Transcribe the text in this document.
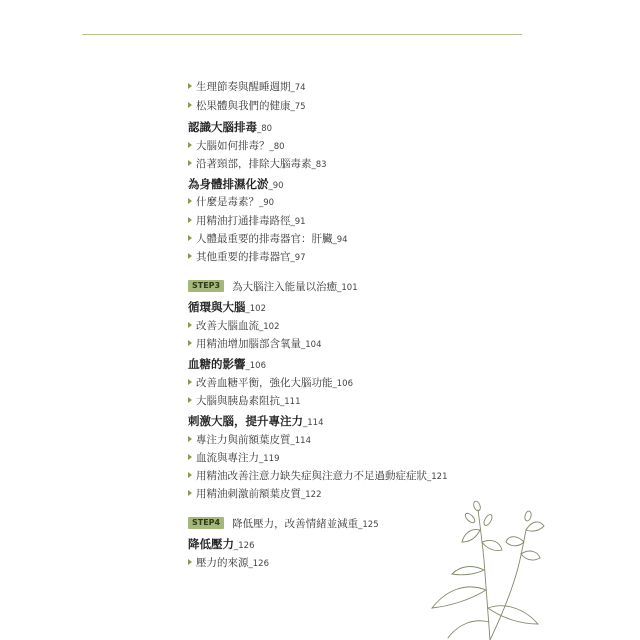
生理節奏與醒睡週期_74
松果體與我們的健康_75
認識大腦排毒_80
大腦如何排毒？_80
沿著頸部，排除大腦毒素_83
為身體排濕化淤_90
什麼是毒素？_90
用精油打通排毒路徑_91
人體最重要的排毒器官：肝臟_94
其他重要的排毒器官_97
STEP3 為大腦注入能量以治癒_101
循環與大腦_102
改善大腦血流_102
用精油增加腦部含氧量_104
血糖的影響_106
改善血糖平衡，強化大腦功能_106
大腦與胰島素阻抗_111
刺激大腦，提升專注力_114
專注力與前額葉皮質_114
血流與專注力_119
用精油改善注意力缺失症與注意力不足過動症症狀_121
用精油刺激前額葉皮質_122
STEP4 降低壓力，改善情緒並減重_125
降低壓力_126
壓力的來源_126
